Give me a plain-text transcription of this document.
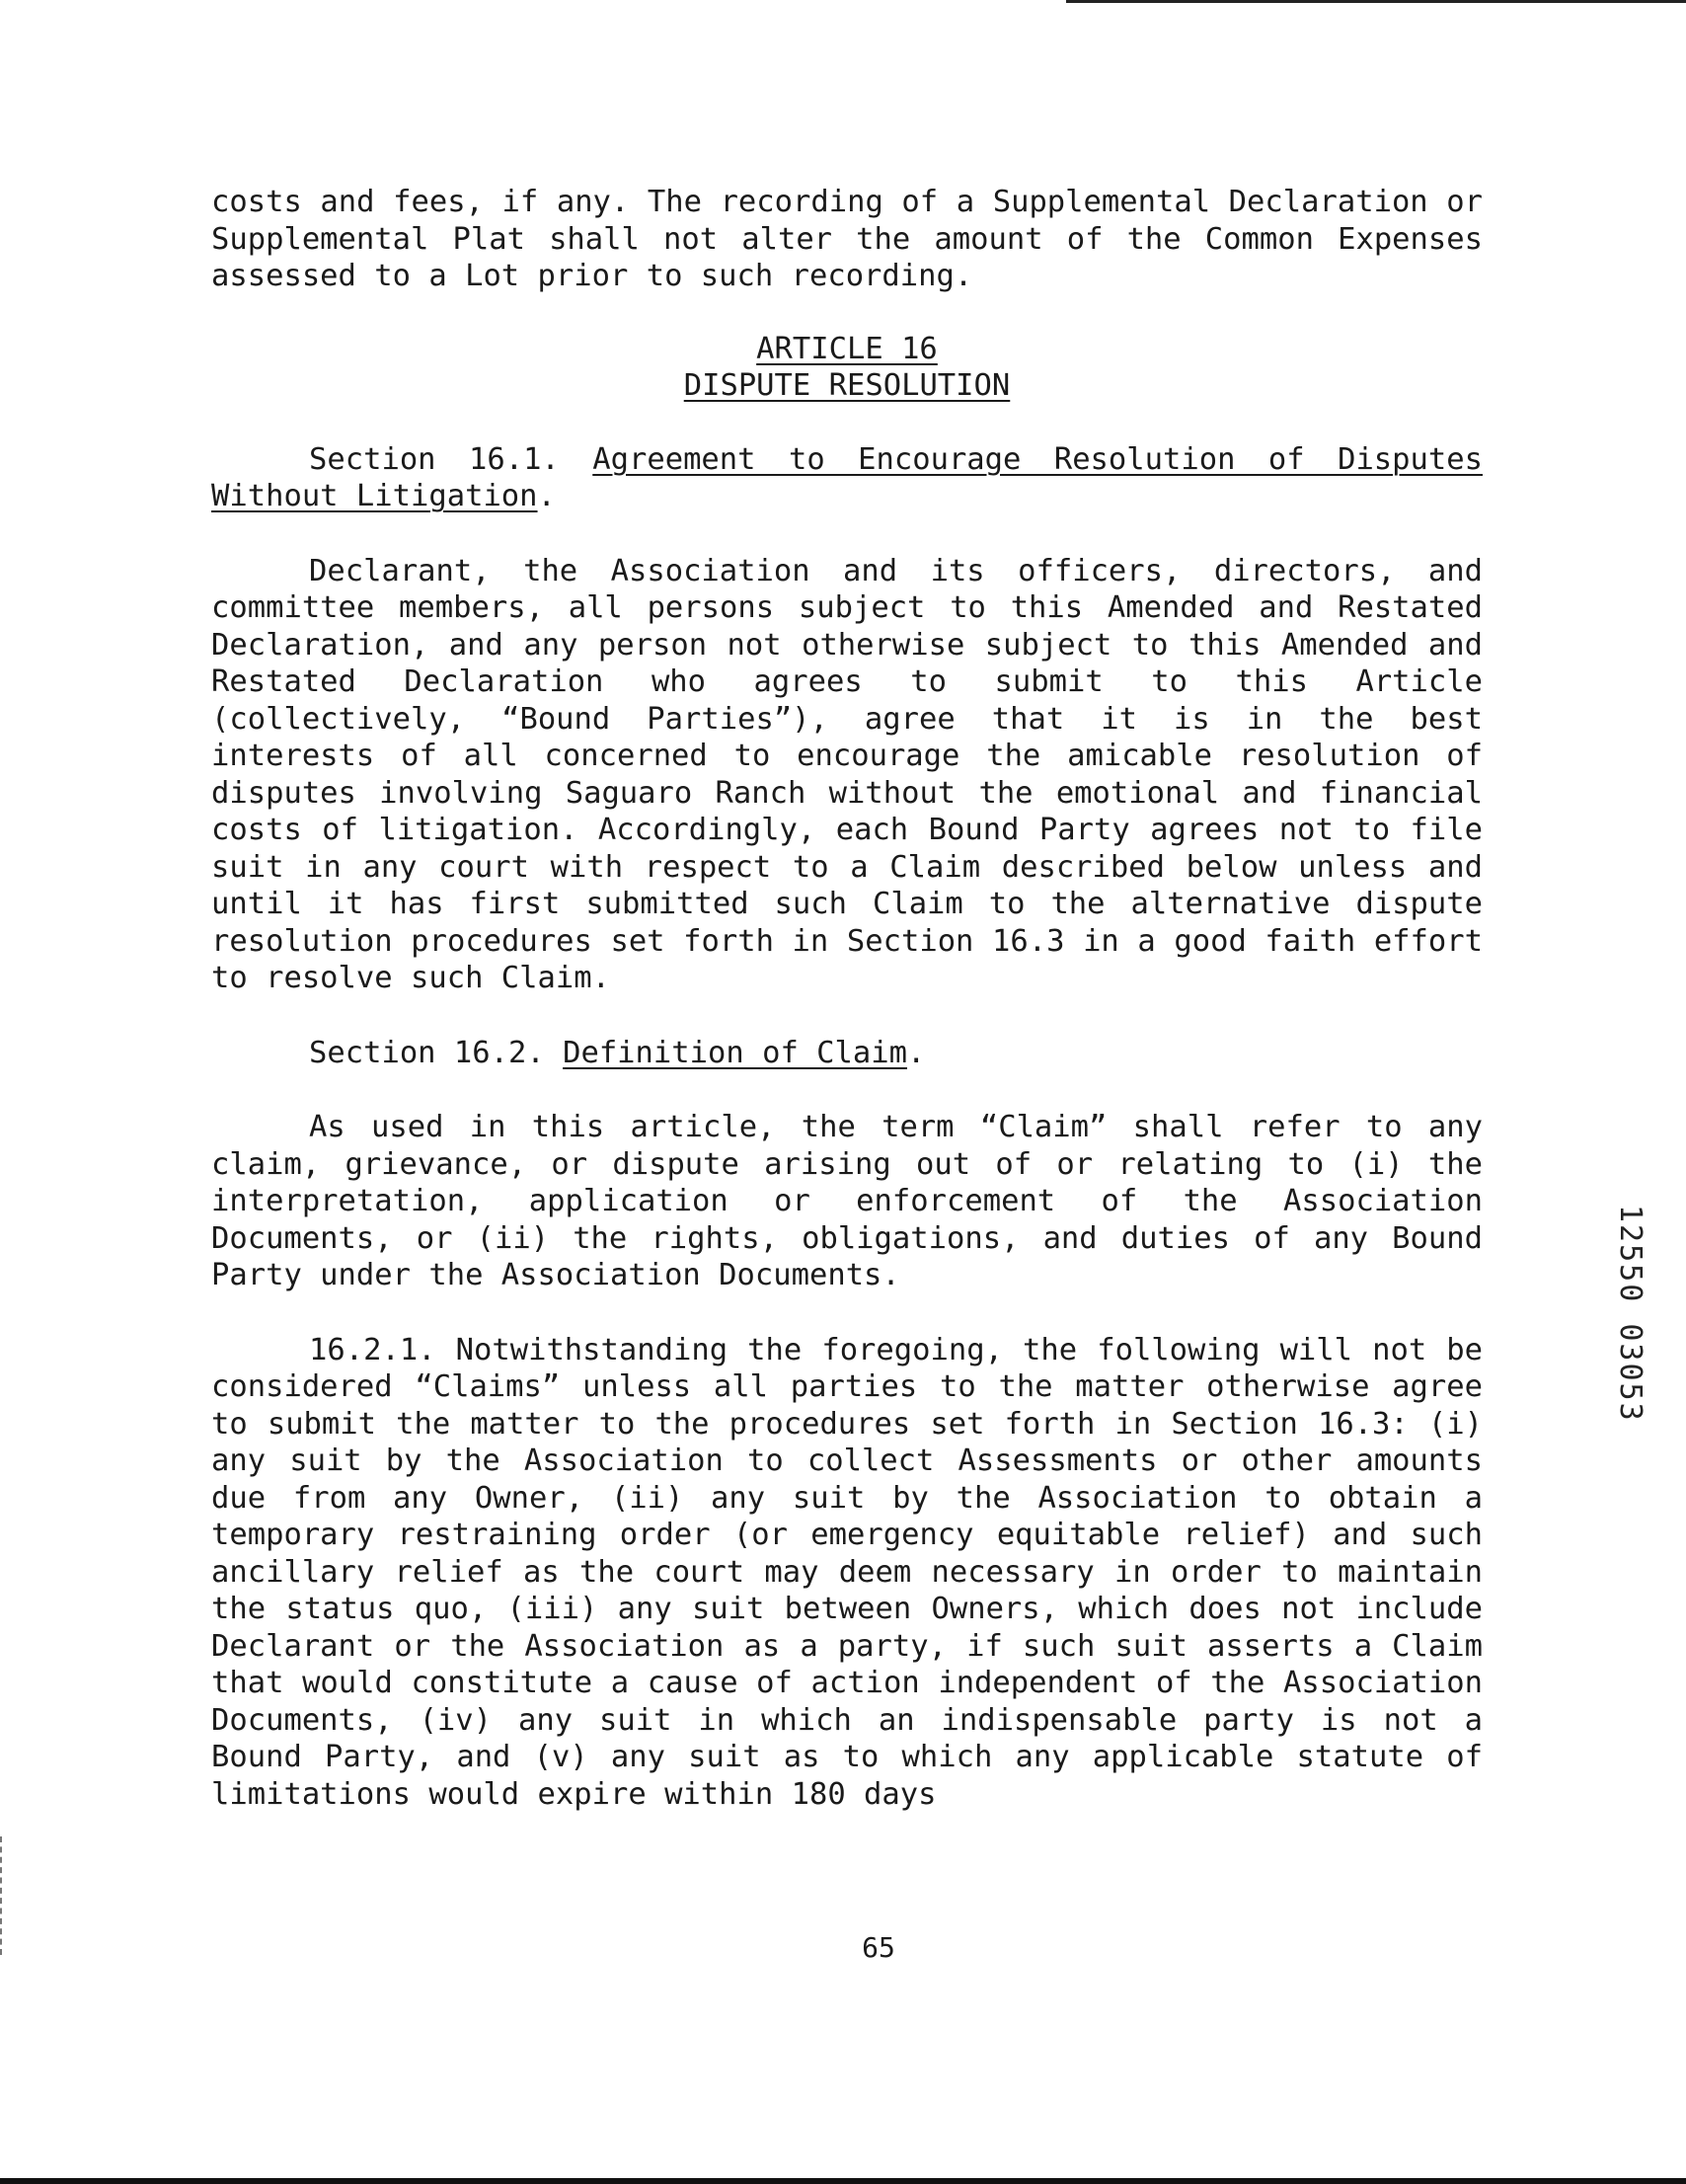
costs and fees, if any. The recording of a Supplemental Declaration or Supplemental Plat shall not alter the amount of the Common Expenses assessed to a Lot prior to such recording.

ARTICLE 16
DISPUTE RESOLUTION

Section 16.1. Agreement to Encourage Resolution of Disputes Without Litigation.

Declarant, the Association and its officers, directors, and committee members, all persons subject to this Amended and Restated Declaration, and any person not otherwise subject to this Amended and Restated Declaration who agrees to submit to this Article (collectively, “Bound Parties”), agree that it is in the best interests of all concerned to encourage the amicable resolution of disputes involving Saguaro Ranch without the emotional and financial costs of litigation. Accordingly, each Bound Party agrees not to file suit in any court with respect to a Claim described below unless and until it has first submitted such Claim to the alternative dispute resolution procedures set forth in Section 16.3 in a good faith effort to resolve such Claim.

Section 16.2. Definition of Claim.

As used in this article, the term “Claim” shall refer to any claim, grievance, or dispute arising out of or relating to (i) the interpretation, application or enforcement of the Association Documents, or (ii) the rights, obligations, and duties of any Bound Party under the Association Documents.

16.2.1. Notwithstanding the foregoing, the following will not be considered “Claims” unless all parties to the matter otherwise agree to submit the matter to the procedures set forth in Section 16.3: (i) any suit by the Association to collect Assessments or other amounts due from any Owner, (ii) any suit by the Association to obtain a temporary restraining order (or emergency equitable relief) and such ancillary relief as the court may deem necessary in order to maintain the status quo, (iii) any suit between Owners, which does not include Declarant or the Association as a party, if such suit asserts a Claim that would constitute a cause of action independent of the Association Documents, (iv) any suit in which an indispensable party is not a Bound Party, and (v) any suit as to which any applicable statute of limitations would expire within 180 days

12550 03053
65
